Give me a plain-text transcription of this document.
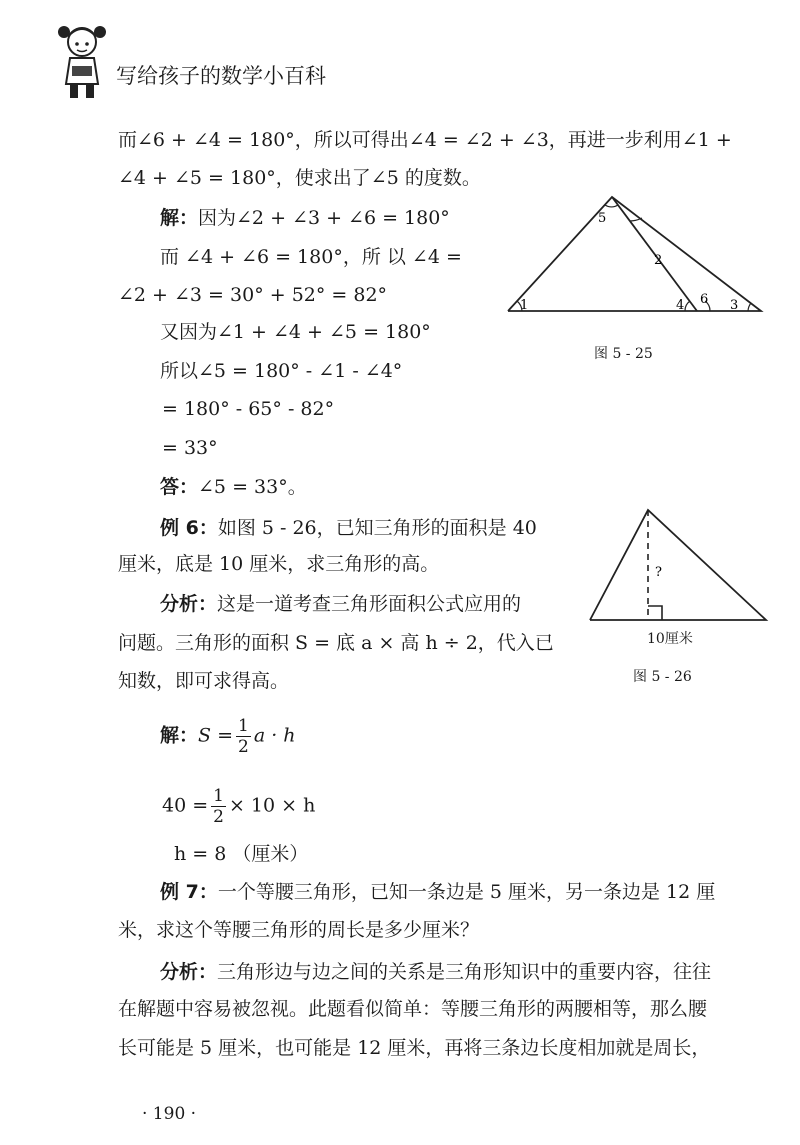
写给孩子的数学小百科
而∠6 + ∠4 = 180°，所以可得出∠4 = ∠2 + ∠3，再进一步利用∠1 +
∠4 + ∠5 = 180°，使求出了∠5 的度数。
解：因为∠2 + ∠3 + ∠6 = 180°
而 ∠4 + ∠6 = 180°，所 以 ∠4 =
∠2 + ∠3 = 30° + 52° = 82°
又因为∠1 + ∠4 + ∠5 = 180°
所以∠5 = 180° - ∠1 - ∠4°
= 180° - 65° - 82°
= 33°
答：∠5 = 33°。
例 6：如图 5 - 26，已知三角形的面积是 40
厘米，底是 10 厘米，求三角形的高。
分析：这是一道考查三角形面积公式应用的
问题。三角形的面积 S = 底 a × 高 h ÷ 2，代入已
知数，即可求得高。
解：$S = \frac{1}{2}$ a · h
$40 = \frac{1}{2} \times 10 \times h$
h = 8 （厘米）
例 7：一个等腰三角形，已知一条边是 5 厘米，另一条边是 12 厘
米，求这个等腰三角形的周长是多少厘米？
分析：三角形边与边之间的关系是三角形知识中的重要内容，往往
在解题中容易被忽视。此题看似简单：等腰三角形的两腰相等，那么腰
长可能是 5 厘米，也可能是 12 厘米，再将三条边长度相加就是周长，
1
2
3
4
5
6
图 5 - 25
?
10厘米
图 5 - 26
· 190 ·
